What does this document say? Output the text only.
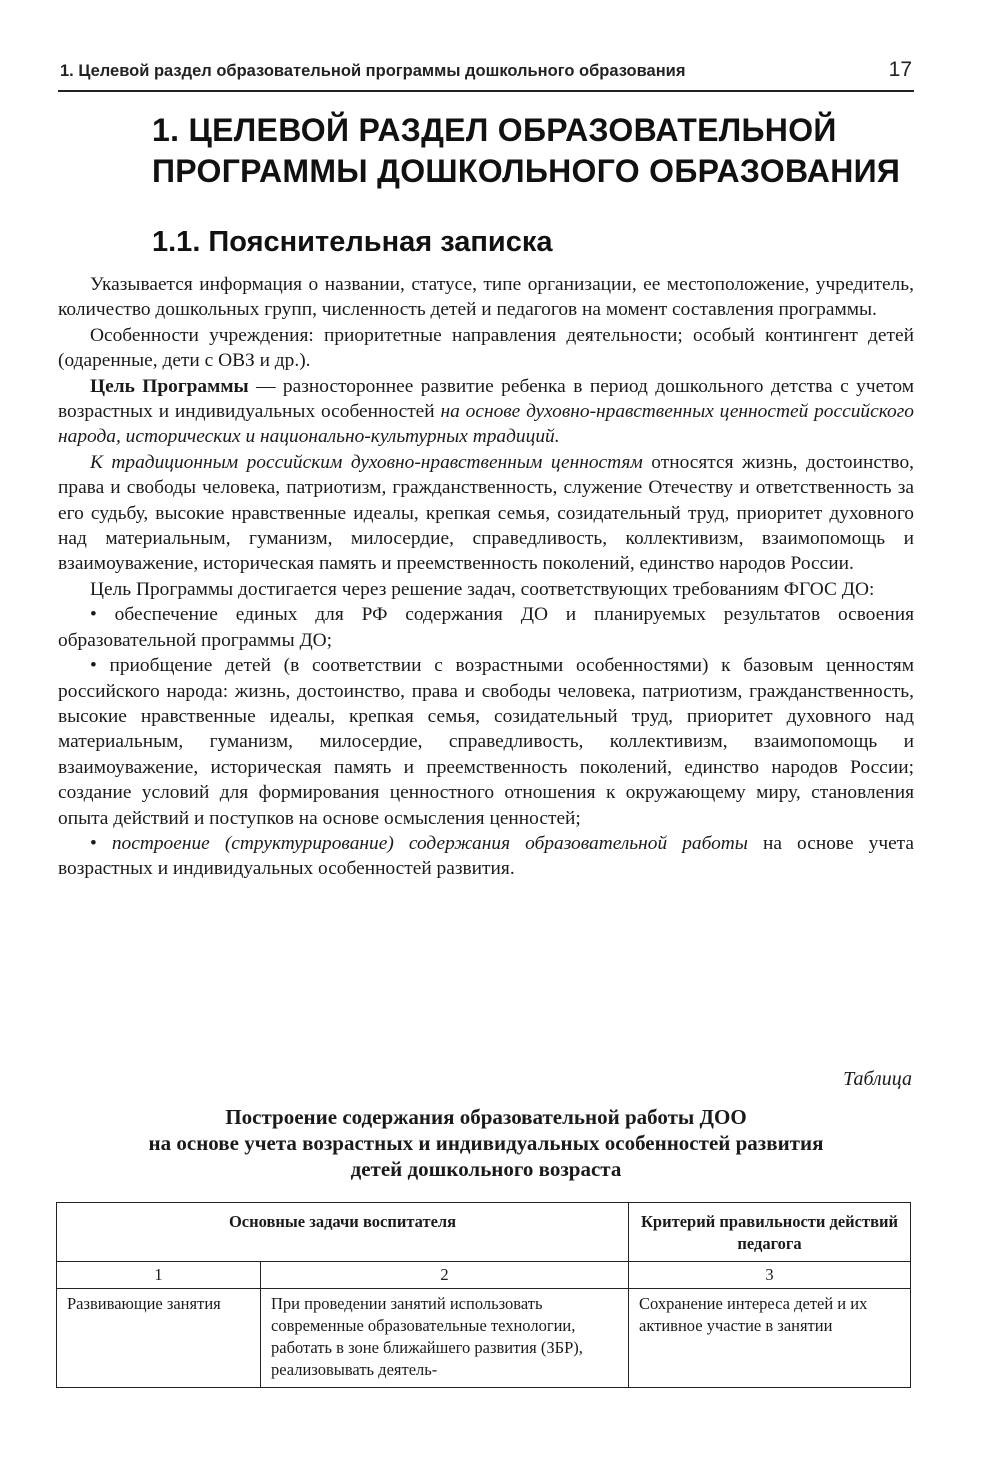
1. Целевой раздел образовательной программы дошкольного образования	17
1. ЦЕЛЕВОЙ РАЗДЕЛ ОБРАЗОВАТЕЛЬНОЙ
ПРОГРАММЫ ДОШКОЛЬНОГО ОБРАЗОВАНИЯ
1.1. Пояснительная записка

Указывается информация о названии, статусе, типе организации, ее местоположение, учредитель, количество дошкольных групп, численность детей и педагогов на момент составления программы.

Особенности учреждения: приоритетные направления деятельности; особый контингент детей (одаренные, дети с ОВЗ и др.).

Цель Программы — разностороннее развитие ребенка в период дошкольного детства с учетом возрастных и индивидуальных особенностей на основе духовно-нравственных ценностей российского народа, исторических и национально-культурных традиций.

К традиционным российским духовно-нравственным ценностям относятся жизнь, достоинство, права и свободы человека, патриотизм, гражданственность, служение Отечеству и ответственность за его судьбу, высокие нравственные идеалы, крепкая семья, созидательный труд, приоритет духовного над материальным, гуманизм, милосердие, справедливость, коллективизм, взаимопомощь и взаимоуважение, историческая память и преемственность поколений, единство народов России.

Цель Программы достигается через решение задач, соответствующих требованиям ФГОС ДО:

• обеспечение единых для РФ содержания ДО и планируемых результатов освоения образовательной программы ДО;

• приобщение детей (в соответствии с возрастными особенностями) к базовым ценностям российского народа: жизнь, достоинство, права и свободы человека, патриотизм, гражданственность, высокие нравственные идеалы, крепкая семья, созидательный труд, приоритет духовного над материальным, гуманизм, милосердие, справедливость, коллективизм, взаимопомощь и взаимоуважение, историческая память и преемственность поколений, единство народов России; создание условий для формирования ценностного отношения к окружающему миру, становления опыта действий и поступков на основе осмысления ценностей;

• построение (структурирование) содержания образовательной работы на основе учета возрастных и индивидуальных особенностей развития.

Таблица
Построение содержания образовательной работы ДОО
на основе учета возрастных и индивидуальных особенностей развития
детей дошкольного возраста
Основные задачи воспитателя		Критерий правильности действий педагога
1	2	3
Развивающие занятия	При проведении занятий использовать современные образовательные технологии, работать в зоне ближайшего развития (ЗБР), реализовывать деятель-	Сохранение интереса детей и их активное участие в занятии
